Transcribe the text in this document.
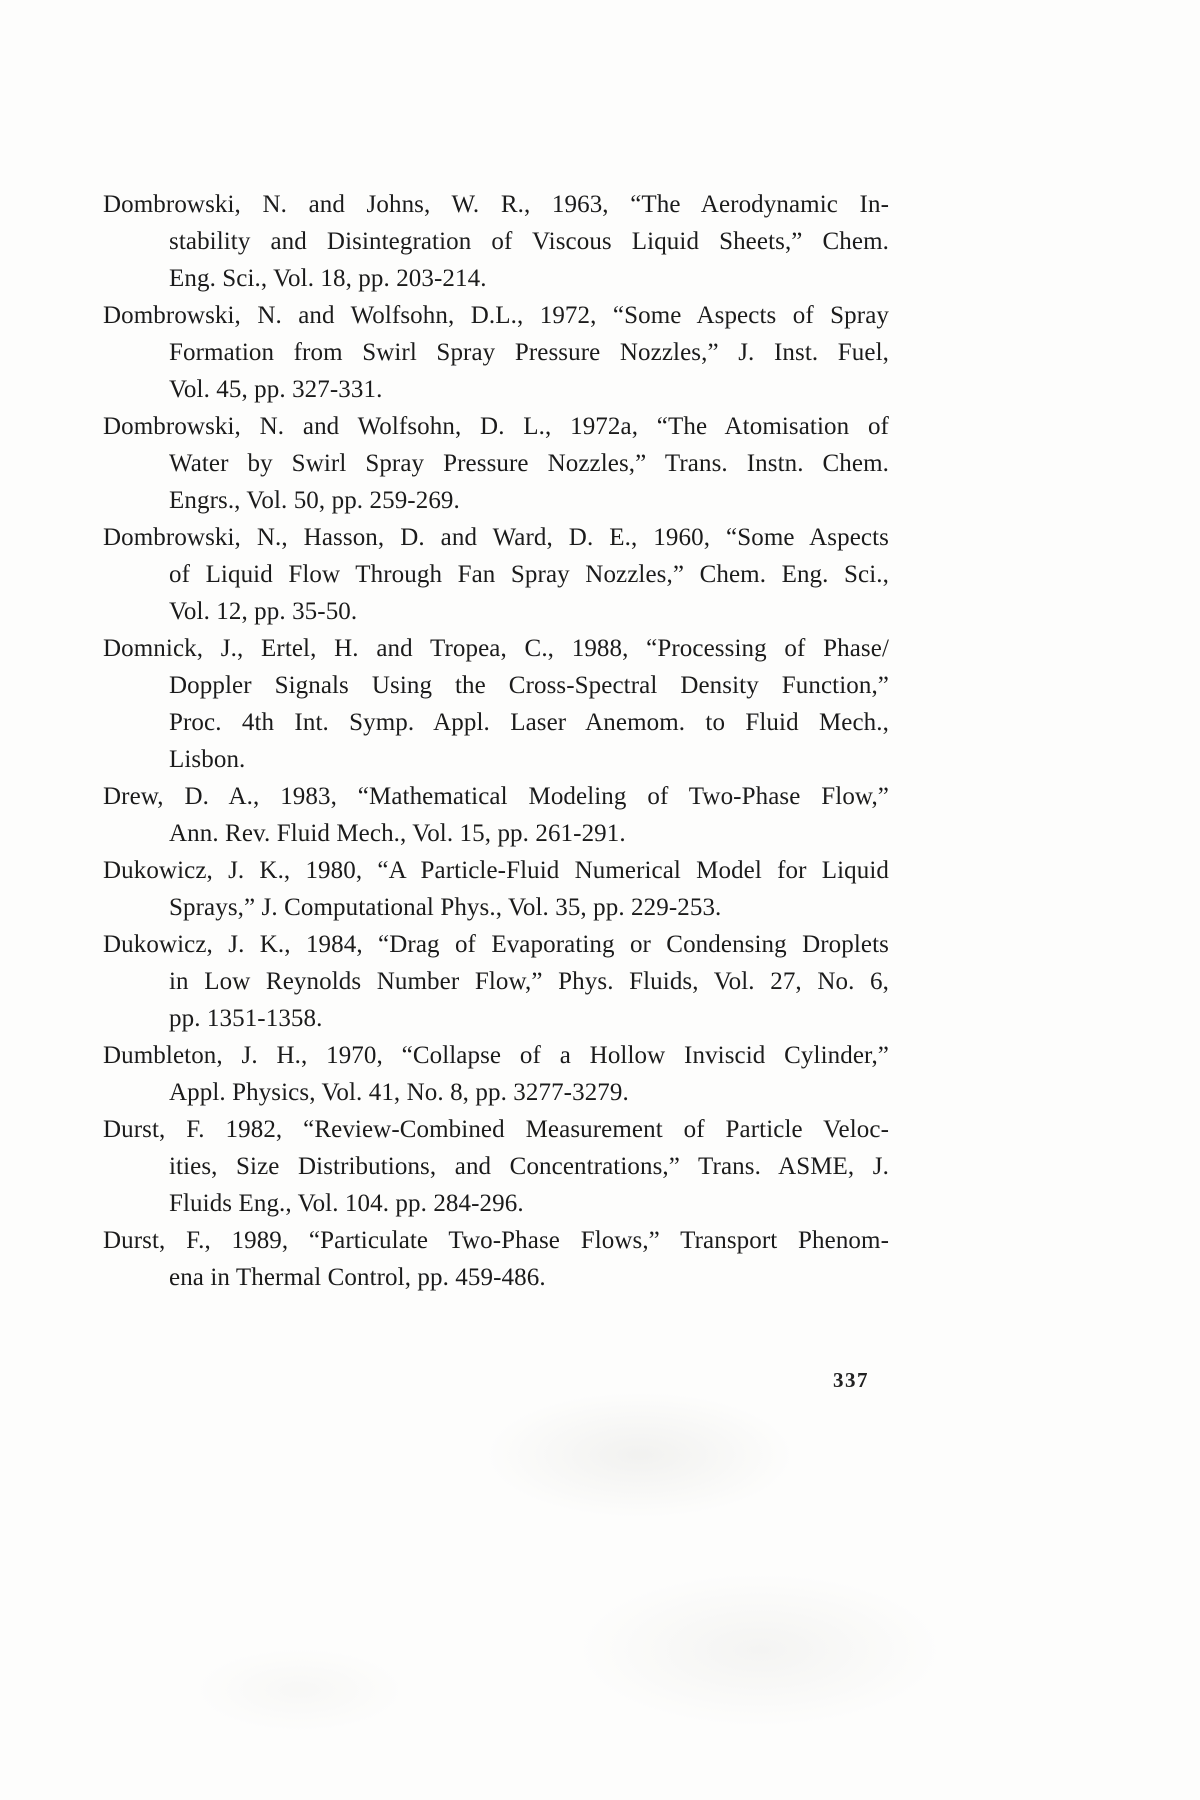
Dombrowski, N. and Johns, W. R., 1963, “The Aerodynamic In-
stability and Disintegration of Viscous Liquid Sheets,” Chem.
Eng. Sci., Vol. 18, pp. 203-214.
Dombrowski, N. and Wolfsohn, D.L., 1972, “Some Aspects of Spray
Formation from Swirl Spray Pressure Nozzles,” J. Inst. Fuel,
Vol. 45, pp. 327-331.
Dombrowski, N. and Wolfsohn, D. L., 1972a, “The Atomisation of
Water by Swirl Spray Pressure Nozzles,” Trans. Instn. Chem.
Engrs., Vol. 50, pp. 259-269.
Dombrowski, N., Hasson, D. and Ward, D. E., 1960, “Some Aspects
of Liquid Flow Through Fan Spray Nozzles,” Chem. Eng. Sci.,
Vol. 12, pp. 35-50.
Domnick, J., Ertel, H. and Tropea, C., 1988, “Processing of Phase/
Doppler Signals Using the Cross-Spectral Density Function,”
Proc. 4th Int. Symp. Appl. Laser Anemom. to Fluid Mech.,
Lisbon.
Drew, D. A., 1983, “Mathematical Modeling of Two-Phase Flow,”
Ann. Rev. Fluid Mech., Vol. 15, pp. 261-291.
Dukowicz, J. K., 1980, “A Particle-Fluid Numerical Model for Liquid
Sprays,” J. Computational Phys., Vol. 35, pp. 229-253.
Dukowicz, J. K., 1984, “Drag of Evaporating or Condensing Droplets
in Low Reynolds Number Flow,” Phys. Fluids, Vol. 27, No. 6,
pp. 1351-1358.
Dumbleton, J. H., 1970, “Collapse of a Hollow Inviscid Cylinder,”
Appl. Physics, Vol. 41, No. 8, pp. 3277-3279.
Durst, F. 1982, “Review-Combined Measurement of Particle Veloc-
ities, Size Distributions, and Concentrations,” Trans. ASME, J.
Fluids Eng., Vol. 104. pp. 284-296.
Durst, F., 1989, “Particulate Two-Phase Flows,” Transport Phenom-
ena in Thermal Control, pp. 459-486.
337
